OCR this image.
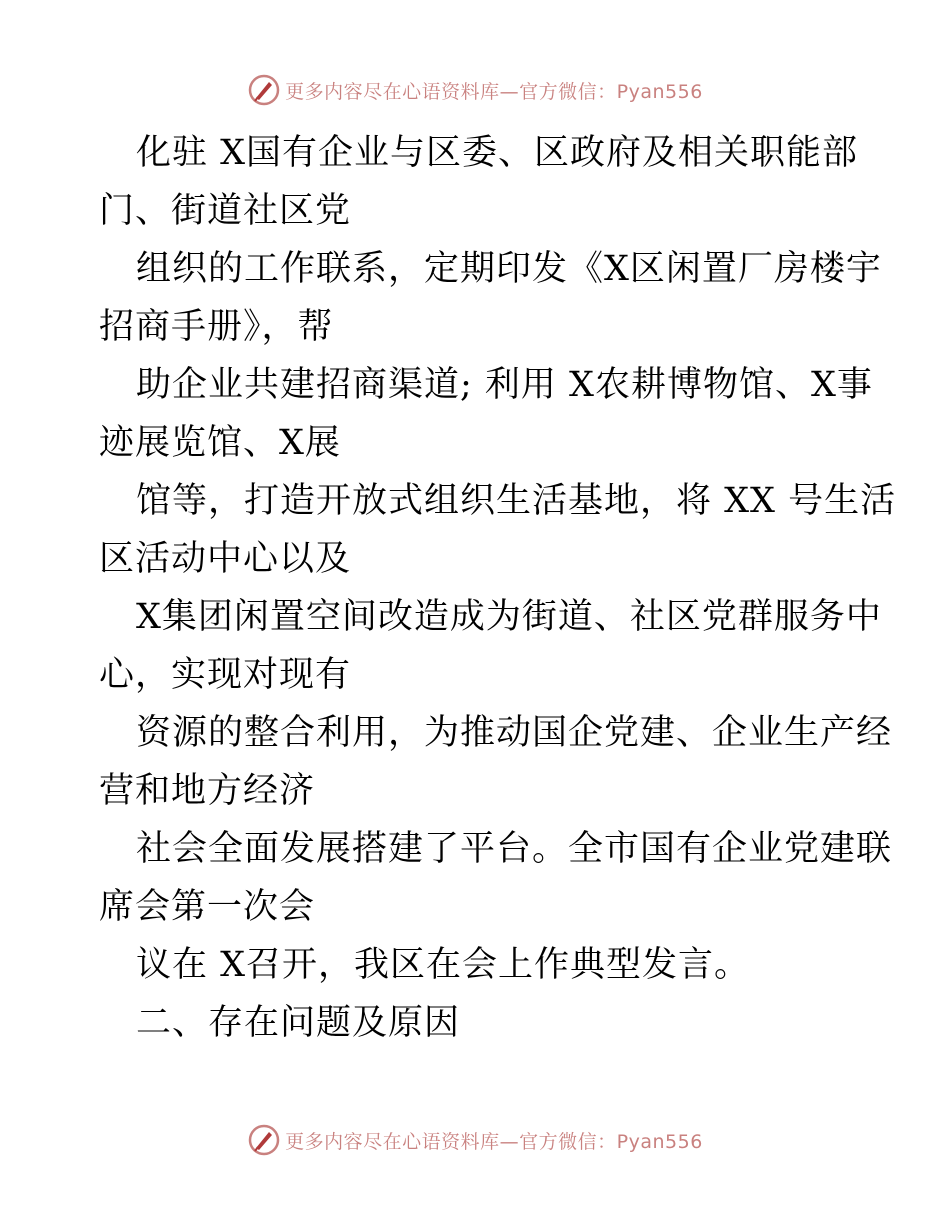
更多内容尽在心语资料库—官方微信：Pyan556
化驻 X国有企业与区委、区政府及相关职能部
门、街道社区党
组织的工作联系，定期印发《X区闲置厂房楼宇
招商手册》，帮
助企业共建招商渠道; 利用 X农耕博物馆、X事
迹展览馆、X展
馆等，打造开放式组织生活基地，将 XX 号生活
区活动中心以及
X集团闲置空间改造成为街道、社区党群服务中
心，实现对现有
资源的整合利用，为推动国企党建、企业生产经
营和地方经济
社会全面发展搭建了平台。全市国有企业党建联
席会第一次会
议在 X召开，我区在会上作典型发言。
二、存在问题及原因
更多内容尽在心语资料库—官方微信：Pyan556
